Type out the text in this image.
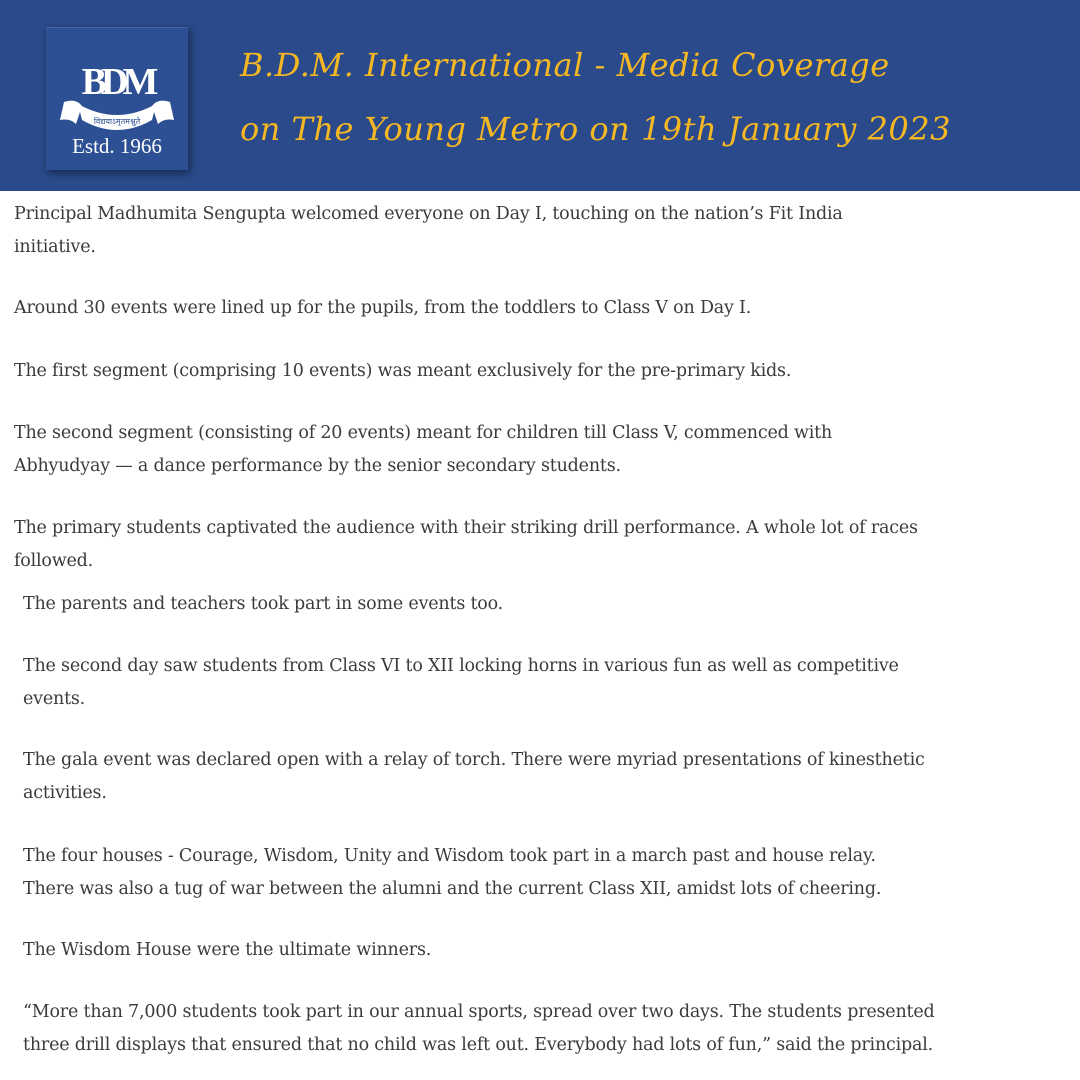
BDM
विद्ययाऽमृतमश्नुते
Estd. 1966
B.D.M. International - Media Coverage
on The Young Metro on 19th January 2023

Principal Madhumita Sengupta welcomed everyone on Day I, touching on the nation’s Fit India
initiative.

Around 30 events were lined up for the pupils, from the toddlers to Class V on Day I.

The first segment (comprising 10 events) was meant exclusively for the pre-primary kids.

The second segment (consisting of 20 events) meant for children till Class V, commenced with
Abhyudyay — a dance performance by the senior secondary students.

The primary students captivated the audience with their striking drill performance. A whole lot of races
followed.

The parents and teachers took part in some events too.

The second day saw students from Class VI to XII locking horns in various fun as well as competitive
events.

The gala event was declared open with a relay of torch. There were myriad presentations of kinesthetic
activities.

The four houses - Courage, Wisdom, Unity and Wisdom took part in a march past and house relay.
There was also a tug of war between the alumni and the current Class XII, amidst lots of cheering.

The Wisdom House were the ultimate winners.

“More than 7,000 students took part in our annual sports, spread over two days. The students presented
three drill displays that ensured that no child was left out. Everybody had lots of fun,” said the principal.
